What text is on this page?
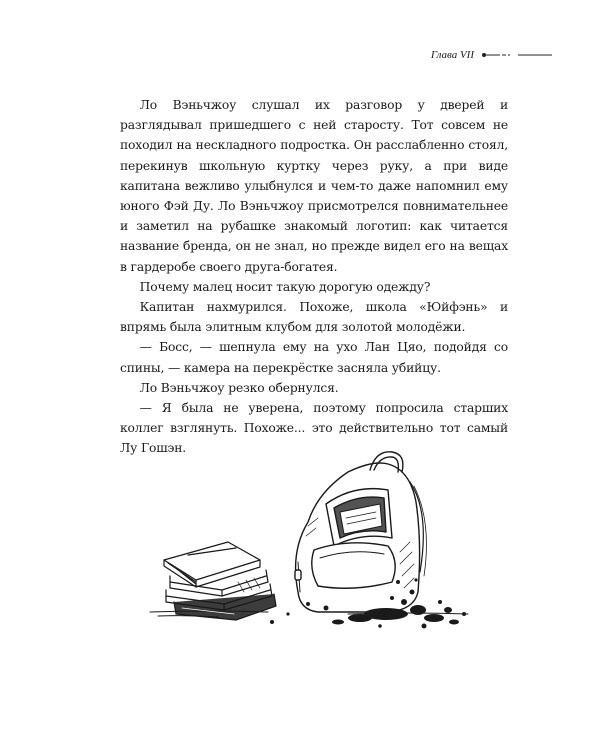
Глава VII

Ло Вэньчжоу слушал их разговор у дверей и разглядывал пришедшего с ней старосту. Тот совсем не походил на нескладного подростка. Он расслабленно стоял, перекинув школьную куртку через руку, а при виде капитана вежливо улыбнулся и чем-то даже напомнил ему юного Фэй Ду. Ло Вэньчжоу присмотрелся повнимательнее и заметил на рубашке знакомый логотип: как читается название бренда, он не знал, но прежде видел его на вещах в гардеробе своего друга-богатея.

Почему малец носит такую дорогую одежду?

Капитан нахмурился. Похоже, школа «Юйфэнь» и впрямь была элитным клубом для золотой молодёжи.

— Босс, — шепнула ему на ухо Лан Цяо, подойдя со спины, — камера на перекрёстке засняла убийцу.

Ло Вэньчжоу резко обернулся.

— Я была не уверена, поэтому попросила старших коллег взглянуть. Похоже... это действительно тот самый Лу Гошэн.
